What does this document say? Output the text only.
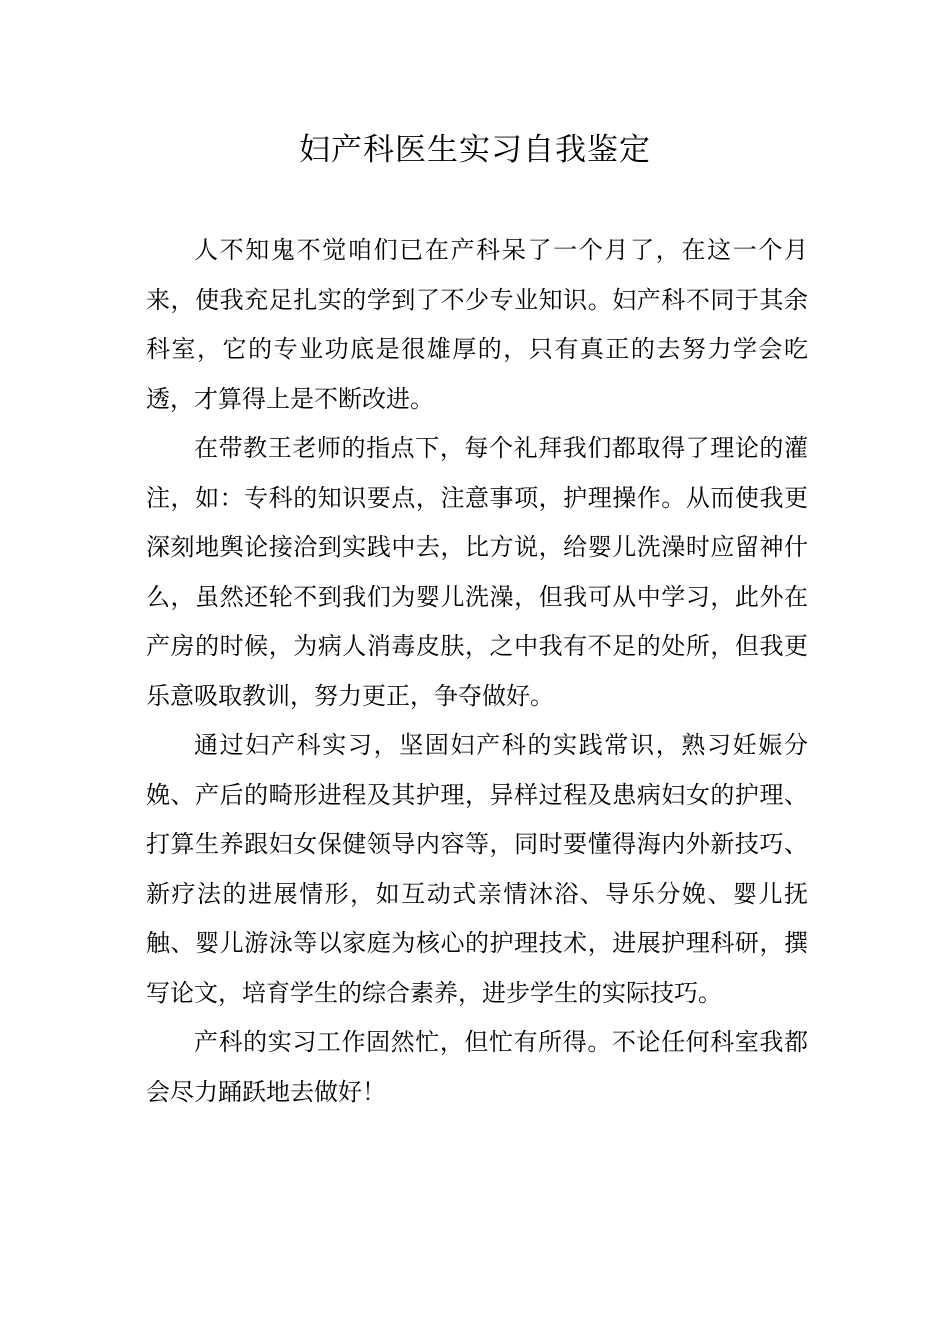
妇产科医生实习自我鉴定

人不知鬼不觉咱们已在产科呆了一个月了，在这一个月来，使我充足扎实的学到了不少专业知识。妇产科不同于其余科室，它的专业功底是很雄厚的，只有真正的去努力学会吃透，才算得上是不断改进。

在带教王老师的指点下，每个礼拜我们都取得了理论的灌注，如：专科的知识要点，注意事项，护理操作。从而使我更深刻地舆论接洽到实践中去，比方说，给婴儿洗澡时应留神什么，虽然还轮不到我们为婴儿洗澡，但我可从中学习，此外在产房的时候，为病人消毒皮肤，之中我有不足的处所，但我更乐意吸取教训，努力更正，争夺做好。

通过妇产科实习，坚固妇产科的实践常识，熟习妊娠分娩、产后的畸形进程及其护理，异样过程及患病妇女的护理、打算生养跟妇女保健领导内容等，同时要懂得海内外新技巧、新疗法的进展情形，如互动式亲情沐浴、导乐分娩、婴儿抚触、婴儿游泳等以家庭为核心的护理技术，进展护理科研，撰写论文，培育学生的综合素养，进步学生的实际技巧。

产科的实习工作固然忙，但忙有所得。不论任何科室我都会尽力踊跃地去做好！
